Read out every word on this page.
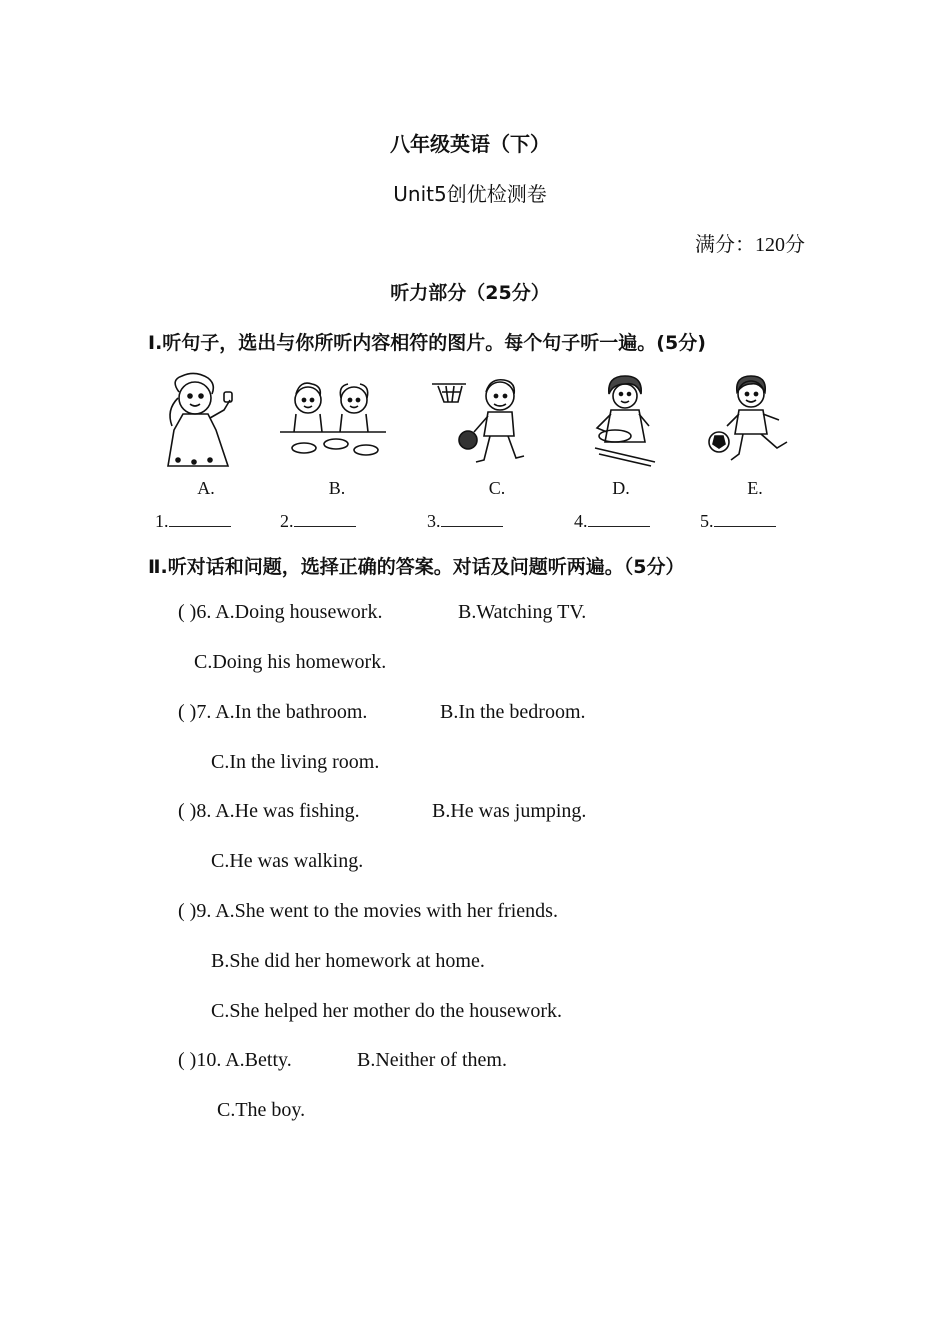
八年级英语（下）
Unit5创优检测卷
满分：120分
听力部分（25分）
Ⅰ.听句子，选出与你所听内容相符的图片。每个句子听一遍。(5分)
A.	B.	C.	D.	E.
1.	2.	3.	4.	5.
Ⅱ.听对话和问题，选择正确的答案。对话及问题听两遍。（5分）
( )6. A.Doing housework.	B.Watching TV.
C.Doing his homework.
( )7. A.In the bathroom.	B.In the bedroom.
C.In the living room.
( )8. A.He was fishing.	B.He was jumping.
C.He was walking.
( )9. A.She went to the movies with her friends.
B.She did her homework at home.
C.She helped her mother do the housework.
( )10. A.Betty.	B.Neither of them.
C.The boy.
